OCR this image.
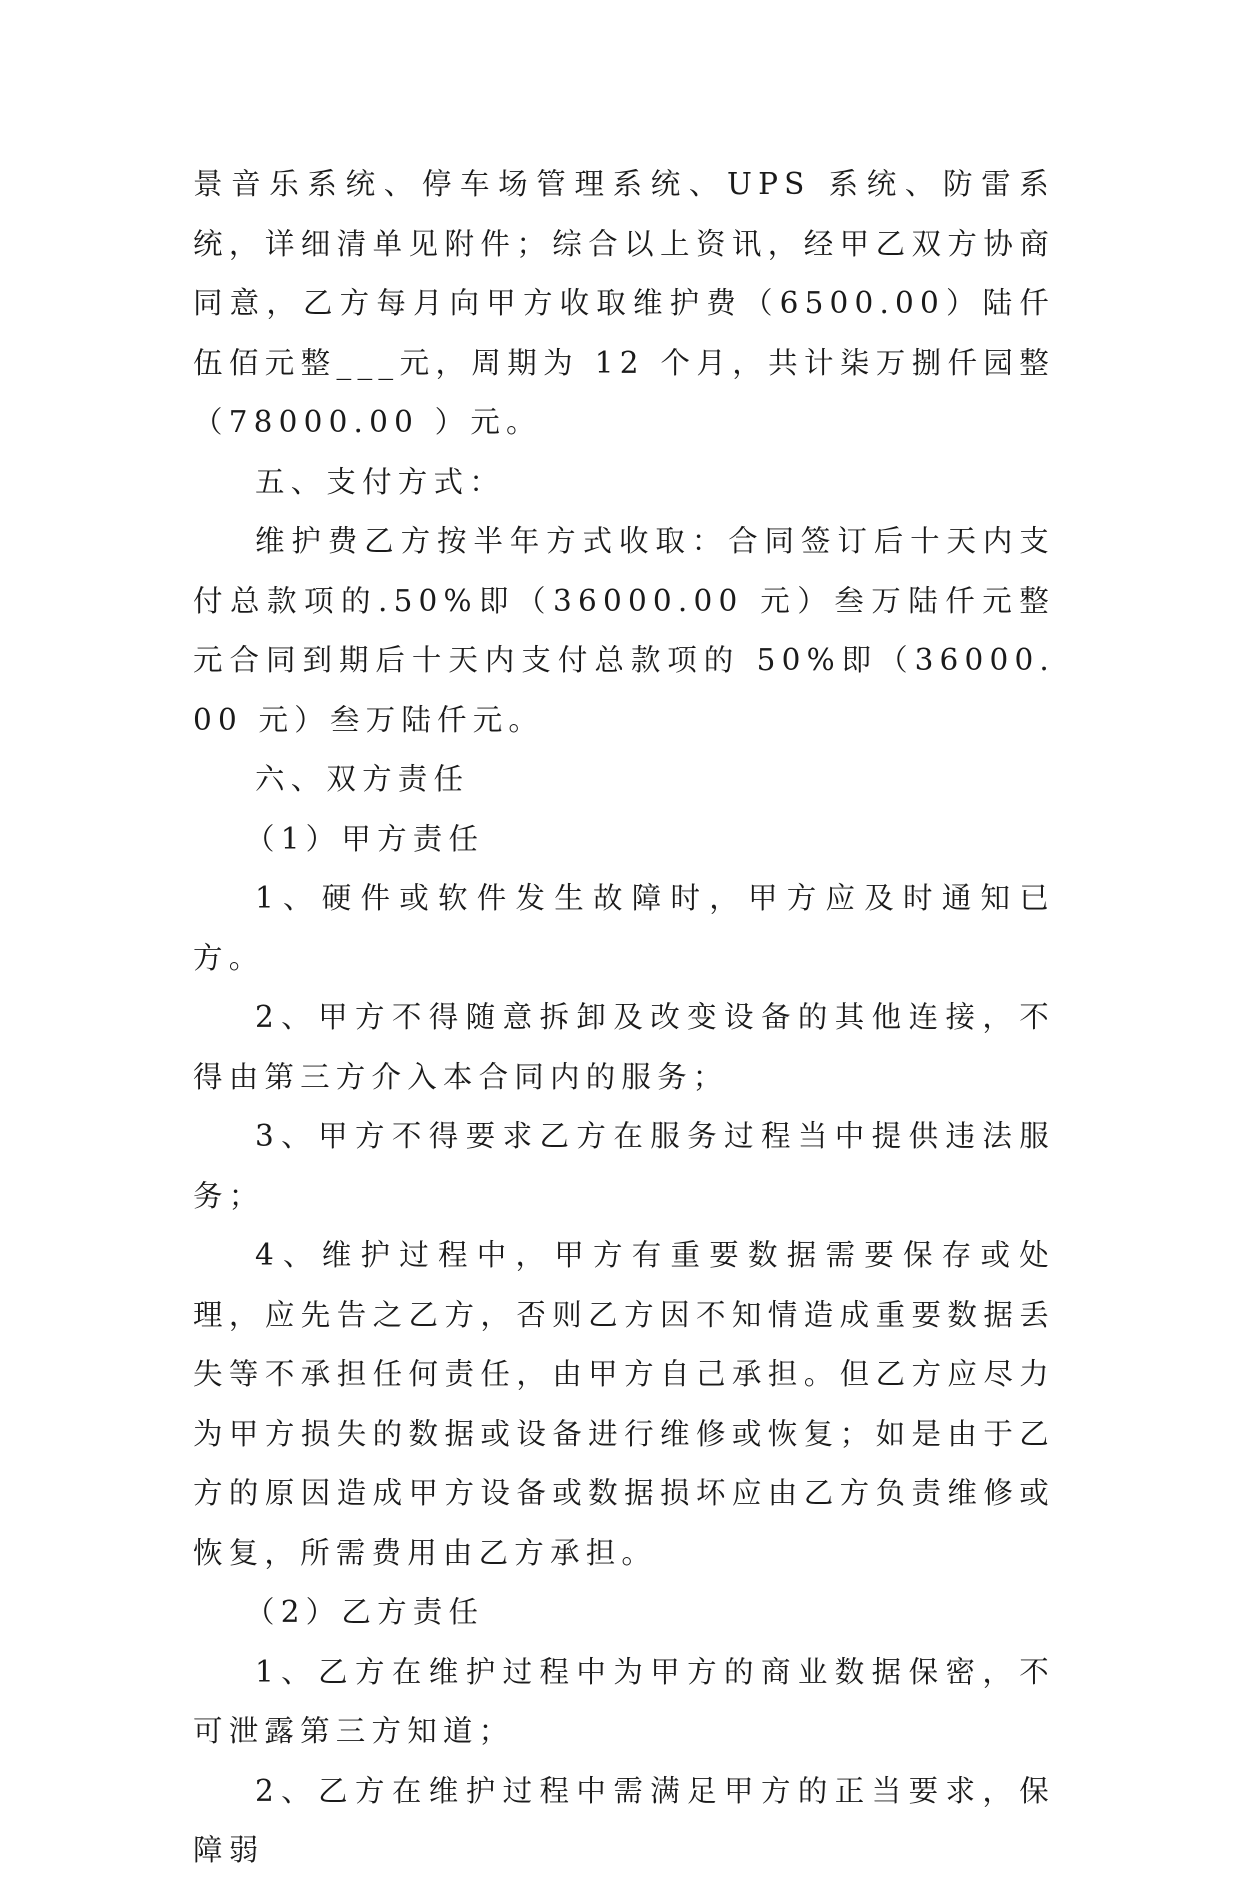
景音乐系统、停车场管理系统、UPS 系统、防雷系统，详细清单见附件；综合以上资讯，经甲乙双方协商同意，乙方每月向甲方收取维护费（6500.00）陆仟伍佰元整___元，周期为 12 个月，共计柒万捌仟园整（78000.00 ）元。

五、支付方式：

维护费乙方按半年方式收取：合同签订后十天内支付总款项的.50%即（36000.00 元）叁万陆仟元整元合同到期后十天内支付总款项的 50%即（36000.00 元）叁万陆仟元。

六、双方责任

（1）甲方责任

1、硬件或软件发生故障时，甲方应及时通知已方。

2、甲方不得随意拆卸及改变设备的其他连接，不得由第三方介入本合同内的服务；

3、甲方不得要求乙方在服务过程当中提供违法服务；

4、维护过程中，甲方有重要数据需要保存或处理，应先告之乙方，否则乙方因不知情造成重要数据丢失等不承担任何责任，由甲方自己承担。但乙方应尽力为甲方损失的数据或设备进行维修或恢复；如是由于乙方的原因造成甲方设备或数据损坏应由乙方负责维修或恢复，所需费用由乙方承担。

（2）乙方责任

1、乙方在维护过程中为甲方的商业数据保密，不可泄露第三方知道；

2、乙方在维护过程中需满足甲方的正当要求，保障弱
